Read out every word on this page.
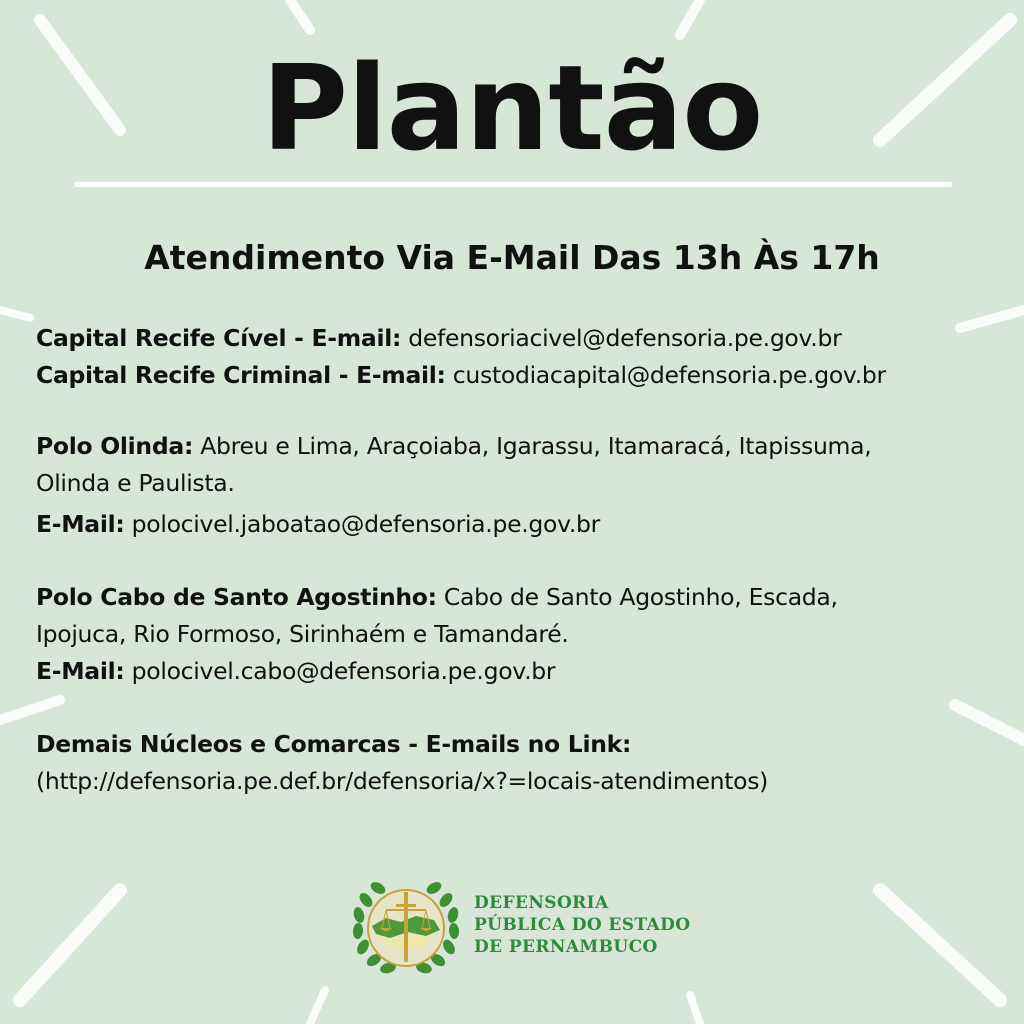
Plantão
Atendimento Via E-Mail Das 13h Às 17h
Capital Recife Cível - E-mail: defensoriacivel@defensoria.pe.gov.br
Capital Recife Criminal - E-mail: custodiacapital@defensoria.pe.gov.br
Polo Olinda: Abreu e Lima, Araçoiaba, Igarassu, Itamaracá, Itapissuma,
Olinda e Paulista.
E-Mail: polocivel.jaboatao@defensoria.pe.gov.br
Polo Cabo de Santo Agostinho: Cabo de Santo Agostinho, Escada,
Ipojuca, Rio Formoso, Sirinhaém e Tamandaré.
E-Mail: polocivel.cabo@defensoria.pe.gov.br
Demais Núcleos e Comarcas - E-mails no Link:
(http://defensoria.pe.def.br/defensoria/x?=locais-atendimentos)
DEFENSORIA
PÚBLICA DO ESTADO
DE PERNAMBUCO
